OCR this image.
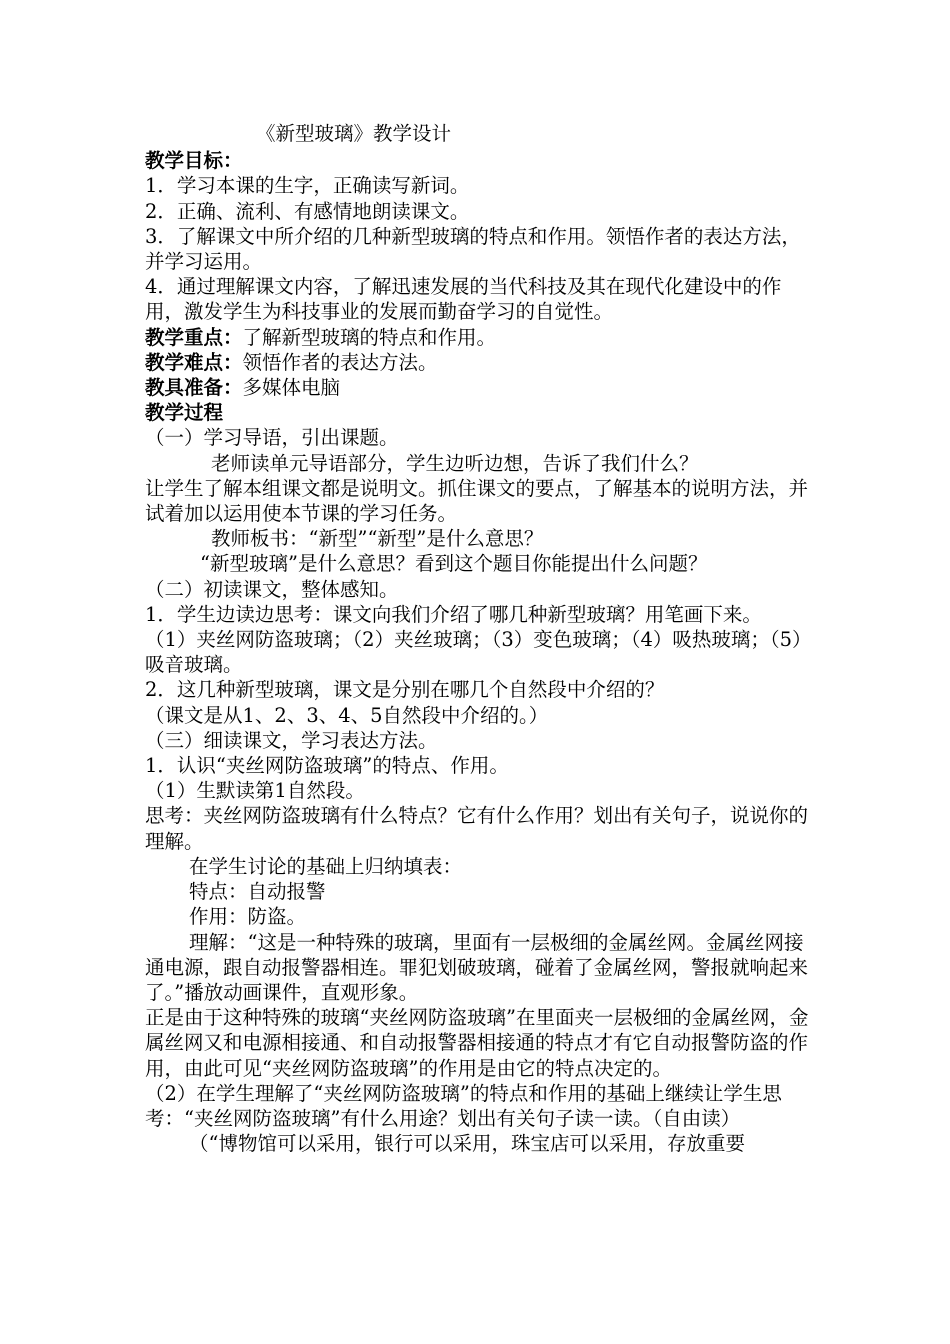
《新型玻璃》教学设计

教学目标：

1．学习本课的生字，正确读写新词。

2．正确、流利、有感情地朗读课文。

3．了解课文中所介绍的几种新型玻璃的特点和作用。领悟作者的表达方法，并学习运用。

4．通过理解课文内容，了解迅速发展的当代科技及其在现代化建设中的作用，激发学生为科技事业的发展而勤奋学习的自觉性。

教学重点：了解新型玻璃的特点和作用。

教学难点：领悟作者的表达方法。

教具准备：多媒体电脑

教学过程

（一）学习导语，引出课题。

老师读单元导语部分，学生边听边想，告诉了我们什么？

让学生了解本组课文都是说明文。抓住课文的要点，了解基本的说明方法，并试着加以运用使本节课的学习任务。

教师板书：“新型”“新型”是什么意思？

“新型玻璃”是什么意思？看到这个题目你能提出什么问题？

（二）初读课文，整体感知。

1．学生边读边思考：课文向我们介绍了哪几种新型玻璃？用笔画下来。

（1）夹丝网防盗玻璃；（2）夹丝玻璃；（3）变色玻璃；（4）吸热玻璃；（5）吸音玻璃。

2．这几种新型玻璃，课文是分别在哪几个自然段中介绍的？

（课文是从1、2、3、4、5自然段中介绍的。）

（三）细读课文，学习表达方法。

1．认识“夹丝网防盗玻璃”的特点、作用。

（1）生默读第1自然段。

思考：夹丝网防盗玻璃有什么特点？它有什么作用？划出有关句子，说说你的理解。

在学生讨论的基础上归纳填表：

特点：自动报警

作用：防盗。

理解：“这是一种特殊的玻璃，里面有一层极细的金属丝网。金属丝网接通电源，跟自动报警器相连。罪犯划破玻璃，碰着了金属丝网，警报就响起来了。”播放动画课件，直观形象。

正是由于这种特殊的玻璃“夹丝网防盗玻璃”在里面夹一层极细的金属丝网，金属丝网又和电源相接通、和自动报警器相接通的特点才有它自动报警防盗的作用，由此可见“夹丝网防盗玻璃”的作用是由它的特点决定的。

（2）在学生理解了“夹丝网防盗玻璃”的特点和作用的基础上继续让学生思考：“夹丝网防盗玻璃”有什么用途？划出有关句子读一读。（自由读）

（“博物馆可以采用，银行可以采用，珠宝店可以采用，存放重要
